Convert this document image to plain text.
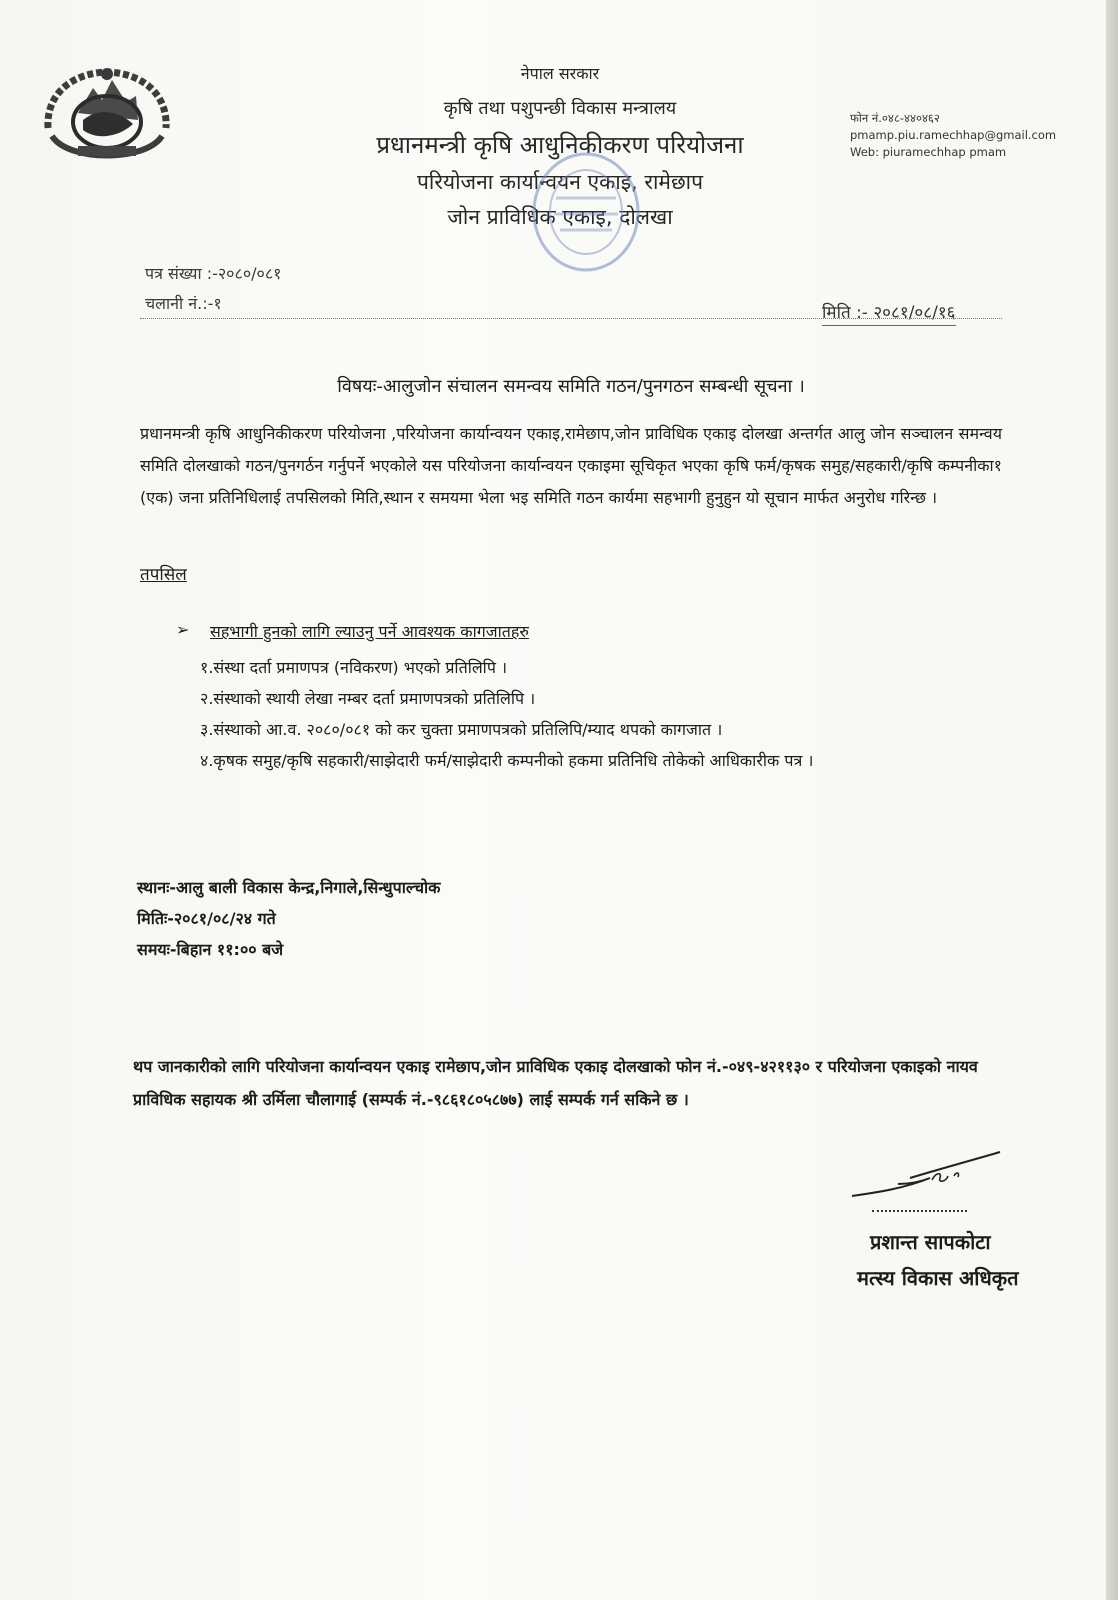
नेपाल सरकार
कृषि तथा पशुपन्छी विकास मन्त्रालय
प्रधानमन्त्री कृषि आधुनिकीकरण परियोजना
परियोजना कार्यान्वयन एकाइ, रामेछाप
जोन प्राविधिक एकाइ, दोलखा
फोन नं.०४८-४४०४६२
pmamp.piu.ramechhap@gmail.com
Web: piuramechhap pmam
पत्र संख्या :-२०८०/०८१
चलानी नं.:-१	मिति :- २०८१/०८/१६
विषयः-आलुजोन संचालन समन्वय समिति गठन/पुनगठन सम्बन्धी सूचना ।
प्रधानमन्त्री कृषि आधुनिकीकरण परियोजना ,परियोजना कार्यान्वयन एकाइ,रामेछाप,जोन प्राविधिक एकाइ दोलखा अन्तर्गत आलु जोन सञ्चालन समन्वय समिति दोलखाको गठन/पुनगर्ठन गर्नुपर्ने भएकोले यस परियोजना कार्यान्वयन एकाइमा सूचिकृत भएका कृषि फर्म/कृषक समुह/सहकारी/कृषि कम्पनीका१ (एक) जना प्रतिनिधिलाई तपसिलको मिति,स्थान र समयमा भेला भइ समिति गठन कार्यमा सहभागी हुनुहुन यो सूचान मार्फत अनुरोध गरिन्छ ।
तपसिल
➢ सहभागी हुनको लागि ल्याउनु पर्ने आवश्यक कागजातहरु
१.संस्था दर्ता प्रमाणपत्र (नविकरण) भएको प्रतिलिपि ।
२.संस्थाको स्थायी लेखा नम्बर दर्ता प्रमाणपत्रको प्रतिलिपि ।
३.संस्थाको आ.व. २०८०/०८१ को कर चुक्ता प्रमाणपत्रको प्रतिलिपि/म्याद थपको कागजात ।
४.कृषक समुह/कृषि सहकारी/साझेदारी फर्म/साझेदारी कम्पनीको हकमा प्रतिनिधि तोकेको आधिकारीक पत्र ।
स्थानः-आलु बाली विकास केन्द्र,निगाले,सिन्धुपाल्चोक
मितिः-२०८१/०८/२४ गते
समयः-बिहान ११:०० बजे
थप जानकारीको लागि परियोजना कार्यान्वयन एकाइ रामेछाप,जोन प्राविधिक एकाइ दोलखाको फोन नं.-०४९-४२११३० र परियोजना एकाइको नायव प्राविधिक सहायक श्री उर्मिला चौलागाई (सम्पर्क नं.-९८६१८०५८७७) लाई सम्पर्क गर्न सकिने छ ।
प्रशान्त सापकोटा
मत्स्य विकास अधिकृत
